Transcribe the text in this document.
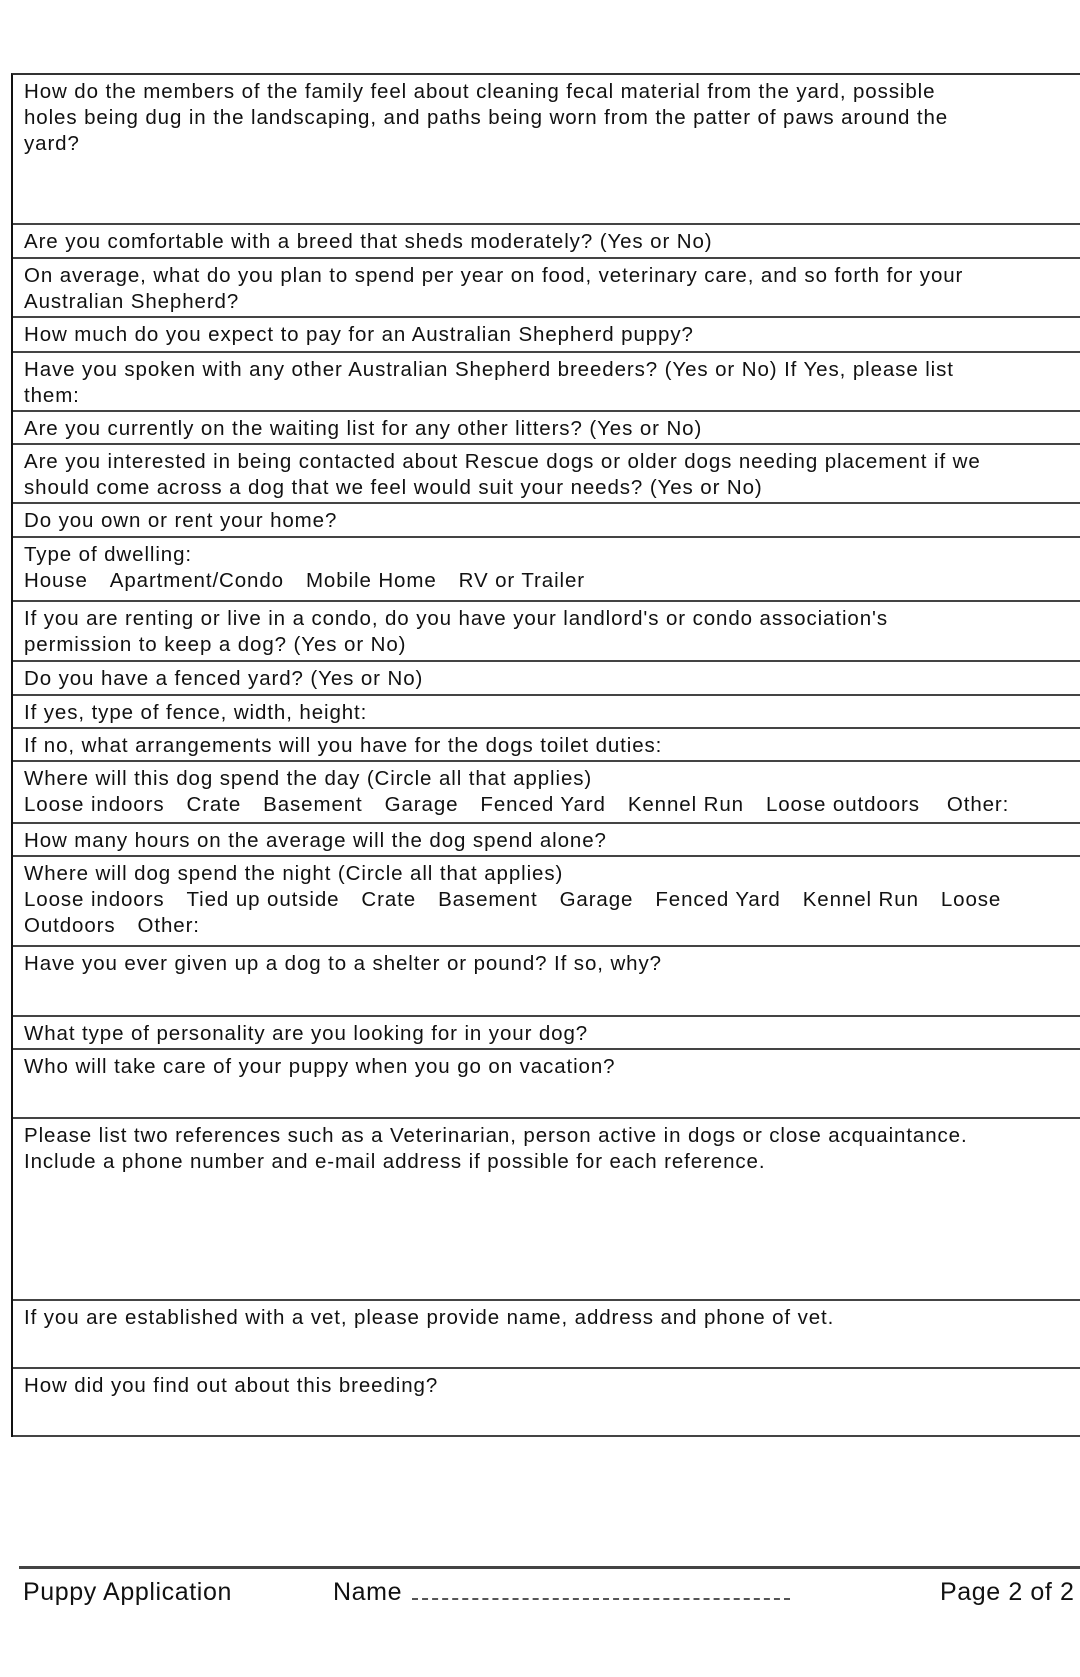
How do the members of the family feel about cleaning fecal material from the yard, possible
holes being dug in the landscaping, and paths being worn from the patter of paws around the
yard?
Are you comfortable with a breed that sheds moderately? (Yes or No)
On average, what do you plan to spend per year on food, veterinary care, and so forth for your
Australian Shepherd?
How much do you expect to pay for an Australian Shepherd puppy?
Have you spoken with any other Australian Shepherd breeders? (Yes or No) If Yes, please list
them:
Are you currently on the waiting list for any other litters? (Yes or No)
Are you interested in being contacted about Rescue dogs or older dogs needing placement if we
should come across a dog that we feel would suit your needs? (Yes or No)
Do you own or rent your home?
Type of dwelling:
House Apartment/Condo Mobile Home RV or Trailer
If you are renting or live in a condo, do you have your landlord's or condo association's
permission to keep a dog? (Yes or No)
Do you have a fenced yard? (Yes or No)
If yes, type of fence, width, height:
If no, what arrangements will you have for the dogs toilet duties:
Where will this dog spend the day (Circle all that applies)
Loose indoors Crate Basement Garage Fenced Yard Kennel Run Loose outdoors Other:
How many hours on the average will the dog spend alone?
Where will dog spend the night (Circle all that applies)
Loose indoors Tied up outside Crate Basement Garage Fenced Yard Kennel Run Loose
Outdoors Other:
Have you ever given up a dog to a shelter or pound? If so, why?
What type of personality are you looking for in your dog?
Who will take care of your puppy when you go on vacation?
Please list two references such as a Veterinarian, person active in dogs or close acquaintance.
Include a phone number and e-mail address if possible for each reference.
If you are established with a vet, please provide name, address and phone of vet.
How did you find out about this breeding?
Puppy Application	Name	Page 2 of 2
